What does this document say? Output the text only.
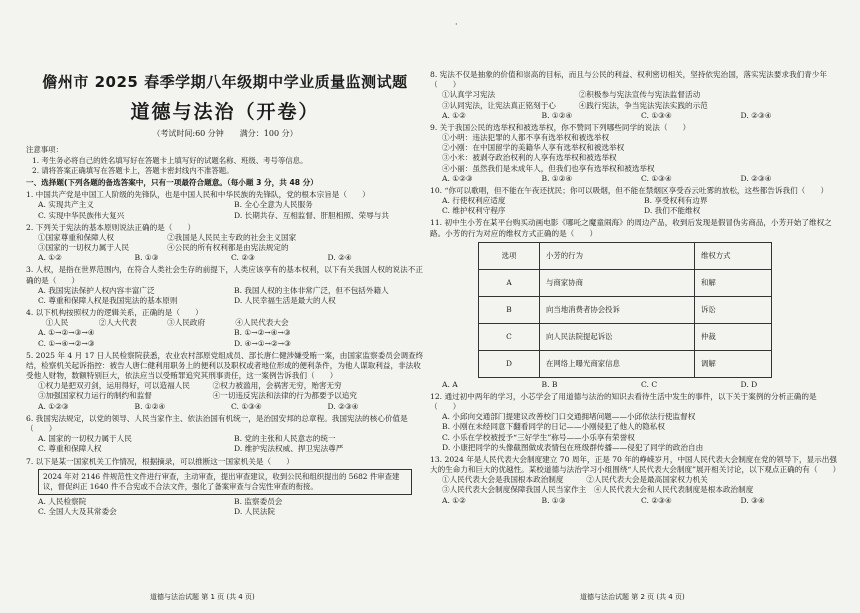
·
儋州市 2025 春季学期八年级期中学业质量监测试题
道德与法治（开卷）
（考试时间:60 分钟　　满分：100 分）
注意事项：
1. 考生务必将自己的姓名填写好在答题卡上填写好的试题名称、班级、考号等信息。
2. 请将答案正确填写在答题卡上，答题卡密封线内不准答题。
一、选择题(下列各题的备选答案中，只有一项最符合题意。（每小题 3 分，共 48 分）
1. 中国共产党是中国工人阶级的先锋队，也是中国人民和中华民族的先锋队，党的根本宗旨是（　　）
A. 实现共产主义	B. 全心全意为人民服务
C. 实现中华民族伟大复兴	D. 长期共存、互相监督、肝胆相照、荣辱与共
2. 下列关于宪法的基本原则说法正确的是（　　）
①国家尊重和保障人权　　　　　　　②我国是人民民主专政的社会主义国家
③国家的一切权力属于人民　　　　　④公民的所有权利都是由宪法规定的
A. ①②	B. ①③	C. ②③	D. ②④
3. 人权，是指在世界范围内，在符合人类社会生存的前提下，人类应该享有的基本权利，以下有关我国人权的说法不正确的是（　　）
A. 我国宪法保护人权内容丰富广泛	B. 我国人权的主体非常广泛，但不包括外籍人
C. 尊重和保障人权是我国宪法的基本原则	D. 人民幸福生活是最大的人权
4. 以下机构按照权力的逻辑关系，正确的是（　　）
　①人民　　　　②人大代表　　　　③人民政府　　　　④人民代表大会
A. ①→②→③→④	B. ①→②→④→③
C. ①→④→②→③	D. ④→①→②→③
5. 2025 年 4 月 17 日人民检察院获悉，农业农村部原党组成员、部长唐仁健涉嫌受贿一案，由国家监察委员会调查终结，检察机关起诉指控：被告人唐仁健利用职务上的便利以及职权或者地位形成的便利条件，为他人谋取利益，非法收受他人财物，数额特别巨大，依法应当以受贿罪追究其刑事责任，这一案例告诉我们（　　）
①权力是把双刃剑，运用得好，可以造福人民　　　②权力被滥用，会祸害无穷，贻害无穷
③加强国家权力运行的制约和监督　　　　　　　　④一切违反宪法和法律的行为都要予以追究
A. ①②③	B. ①②④	C. ①③④	D. ②③④
6. 我国宪法规定，以党的领导、人民当家作主、依法治国有机统一，是治国安邦的总章程。我国宪法的核心价值是（　　）
A. 国家的一切权力属于人民	B. 党的主张和人民意志的统一
C. 尊重和保障人权	D. 维护宪法权威、捍卫宪法尊严
7. 以下是某一国家机关工作情况，根据摘录，可以推断这一国家机关是（　　）
2024 年对 2146 件规范性文件进行审查，主动审查，提出审查建议，收到公民和组织提出的 5682 件审查建议，督促纠正 1640 件不合宪或不合法文件，强化了备案审查与合宪性审查的衔接。
A. 人民检察院	B. 监察委员会
C. 全国人大及其常委会	D. 人民法院
8. 宪法不仅是抽象的价值和崇高的目标，而且与公民的利益、权利密切相关，坚持依宪治国，落实宪法要求我们青少年（　　）
①认真学习宪法　　　　　　　　　　　②积极参与宪法宣传与宪法监督活动
③认同宪法，让宪法真正铭刻于心　　　④践行宪法，争当宪法宪法实践的示范
A. ①②	B. ①②④	C. ①③④	D. ②③④
9. 关于我国公民的选举权和被选举权，你不赞同下列哪些同学的说法（　　）
①小明：违法犯罪的人都不享有选举权和被选举权
②小刚：在中国留学的美籍华人享有选举权和被选举权
③小米：被剥夺政治权利的人享有选举权和被选举权
④小丽：虽然我们是未成年人，但我们也享有选举权和被选举权
A. ①②③	B. ①②④	C. ①③④	D. ②③④
10. “你可以歌唱，但不能在午夜还扰民；你可以吸烟，但不能在禁烟区享受吞云吐雾的放松，这些都告诉我们（　　）
A. 行使权利应适度	B. 享受权利有边界
C. 维护权利守程序	D. 我们不能维权
11. 初中生小芳在某平台购买动画电影《哪吒之魔童闹海》的周边产品，收到后发现是假冒伪劣商品，小芳开始了维权之路。小芳的行为对应的维权方式正确的是（　　）
选项	小芳的行为	维权方式
A	与商家协商	和解
B	向当地消费者协会投诉	诉讼
C	向人民法院提起诉讼	仲裁
D	在网络上曝光商家信息	调解
A. A	B. B	C. C	D. D
12. 通过初中两年的学习，小芯学会了用道德与法治的知识去看待生活中发生的事件，以下关于案例的分析正确的是（　　）
A. 小邱向交通部门提建议改善校门口交通拥堵问题——小邱依法行使监督权
B. 小刚在未经同意下翻看同学的日记——小刚侵犯了他人的隐私权
C. 小乐在学校被授予“三好学生”称号——小乐享有荣誉权
D. 小康把同学的头像截图做成表情包在班级群传播——侵犯了同学的政治自由
13. 2024 年是人民代表大会制度建立 70 周年，正是 70 年的峥嵘岁月，中国人民代表大会制度在党的领导下，显示出强大的生命力和巨大的优越性。某校道德与法治学习小组围绕“人民代表大会制度”展开相关讨论，以下观点正确的有（　　）
①人民代表大会是我国根本政治制度　　　②人民代表大会是最高国家权力机关
③人民代表大会制度保障我国人民当家作主　④人民代表大会和人民代表制度是根本政治制度
A. ①②	B. ①③	C. ②③④	D. ③④
道德与法治试题 第 1 页 (共 4 页)	道德与法治试题 第 2 页 (共 4 页)
